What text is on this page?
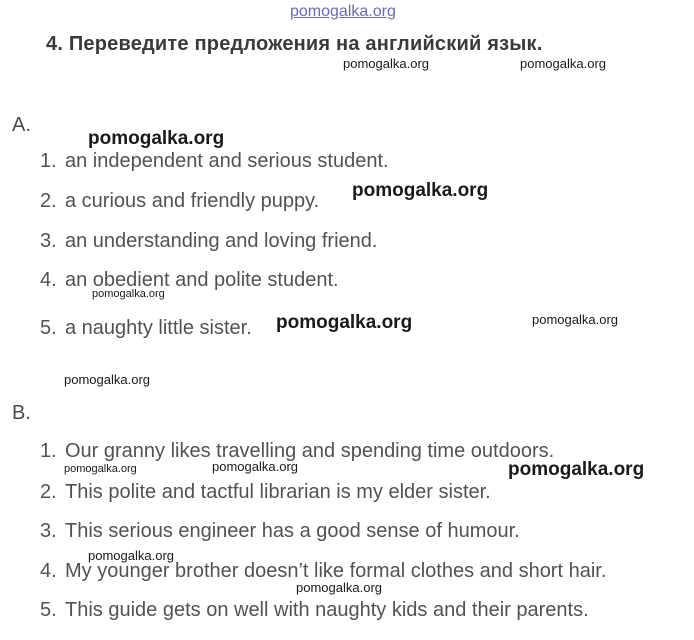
pomogalka.org
4. Переведите предложения на английский язык.
A.
1. an independent and serious student.
2. a curious and friendly puppy.
3. an understanding and loving friend.
4. an obedient and polite student.
5. a naughty little sister.
B.
1. Our granny likes travelling and spending time outdoors.
2. This polite and tactful librarian is my elder sister.
3. This serious engineer has a good sense of humour.
4. My younger brother doesn’t like formal clothes and short hair.
5. This guide gets on well with naughty kids and their parents.
pomogalka.org	pomogalka.org
pomogalka.org
pomogalka.org
pomogalka.org
pomogalka.org	pomogalka.org
pomogalka.org
pomogalka.org	pomogalka.org	pomogalka.org
pomogalka.org
pomogalka.org
